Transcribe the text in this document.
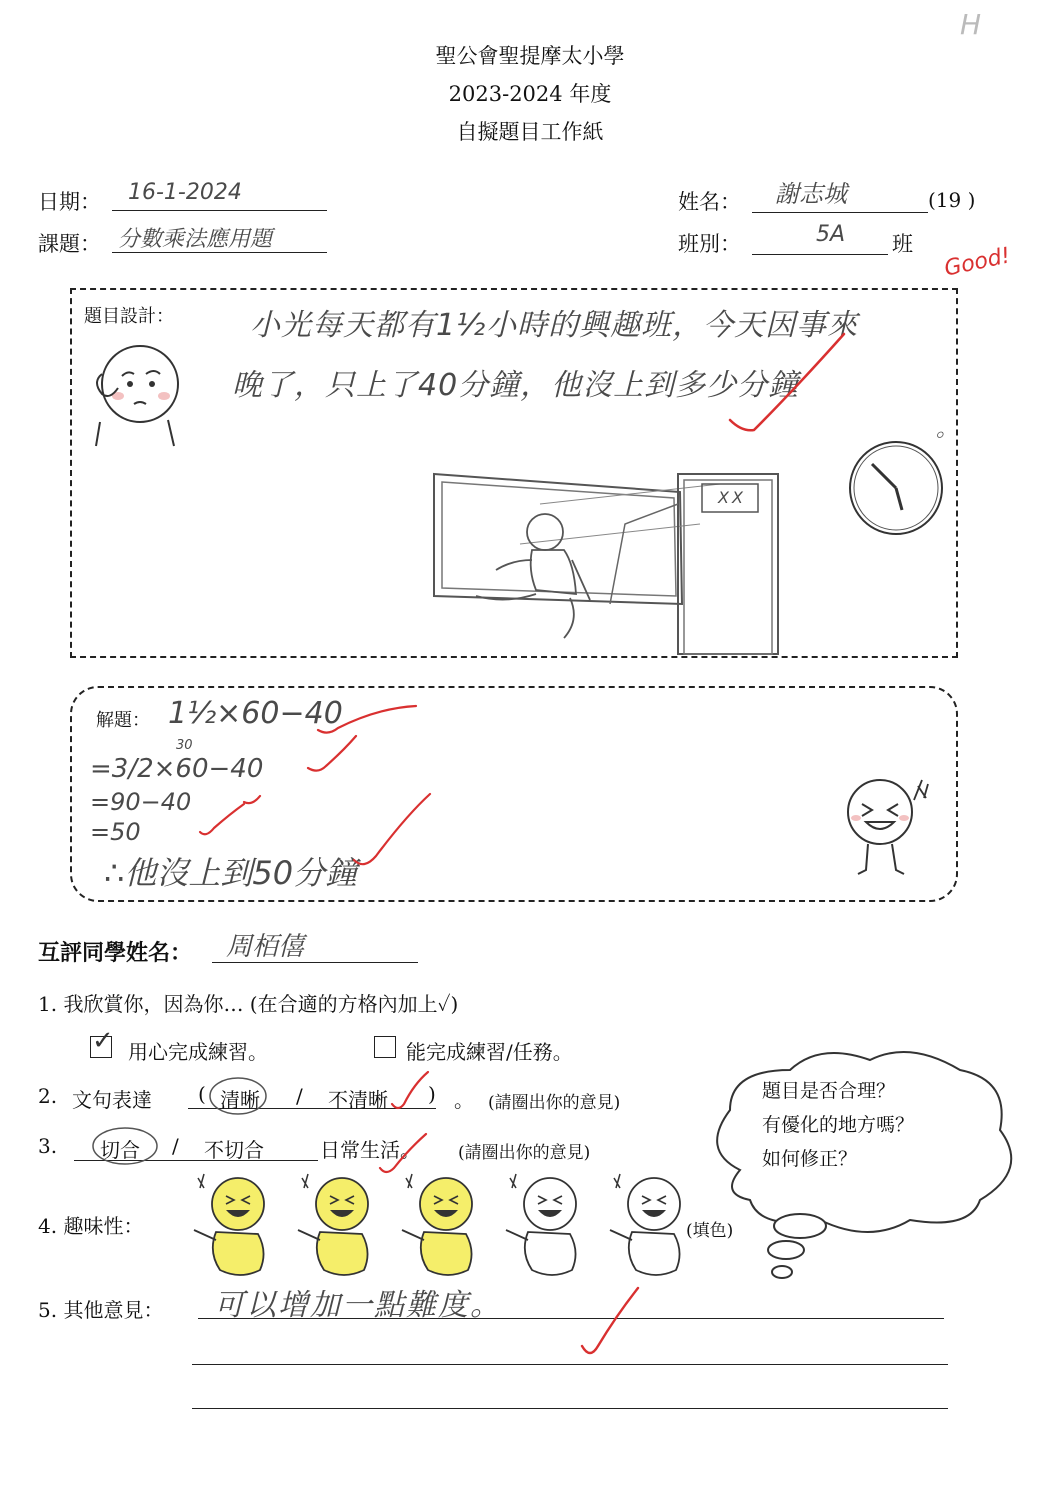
聖公會聖提摩太小學
2023-2024 年度
自擬題目工作紙
H
日期： 16-1-2024
課題： 分數乘法應用題
姓名： 謝志城	(19 )
班別：	5A 班 Good!
題目設計：	小光每天都有1½小時的興趣班，今天因事來
晚了，只上了40分鐘，他沒上到多少分鐘
。
XX
解題： 1½×60−40
30
=3/2×60−40
=90−40
=50
∴他沒上到50分鐘
互評同學姓名： 周栢僖
1. 我欣賞你，因為你… (在合適的方格內加上✓)
✓ 用心完成練習。	能完成練習/任務。
2. 文句表達 ( 清晰 / 不清晰 ) 。 (請圈出你的意見)
3. 切合 / 不切合	日常生活。 (請圈出你的意見)
4. 趣味性：	(填色)
5. 其他意見： 可以增加一點難度。
題目是否合理？
有優化的地方嗎？
如何修正？
